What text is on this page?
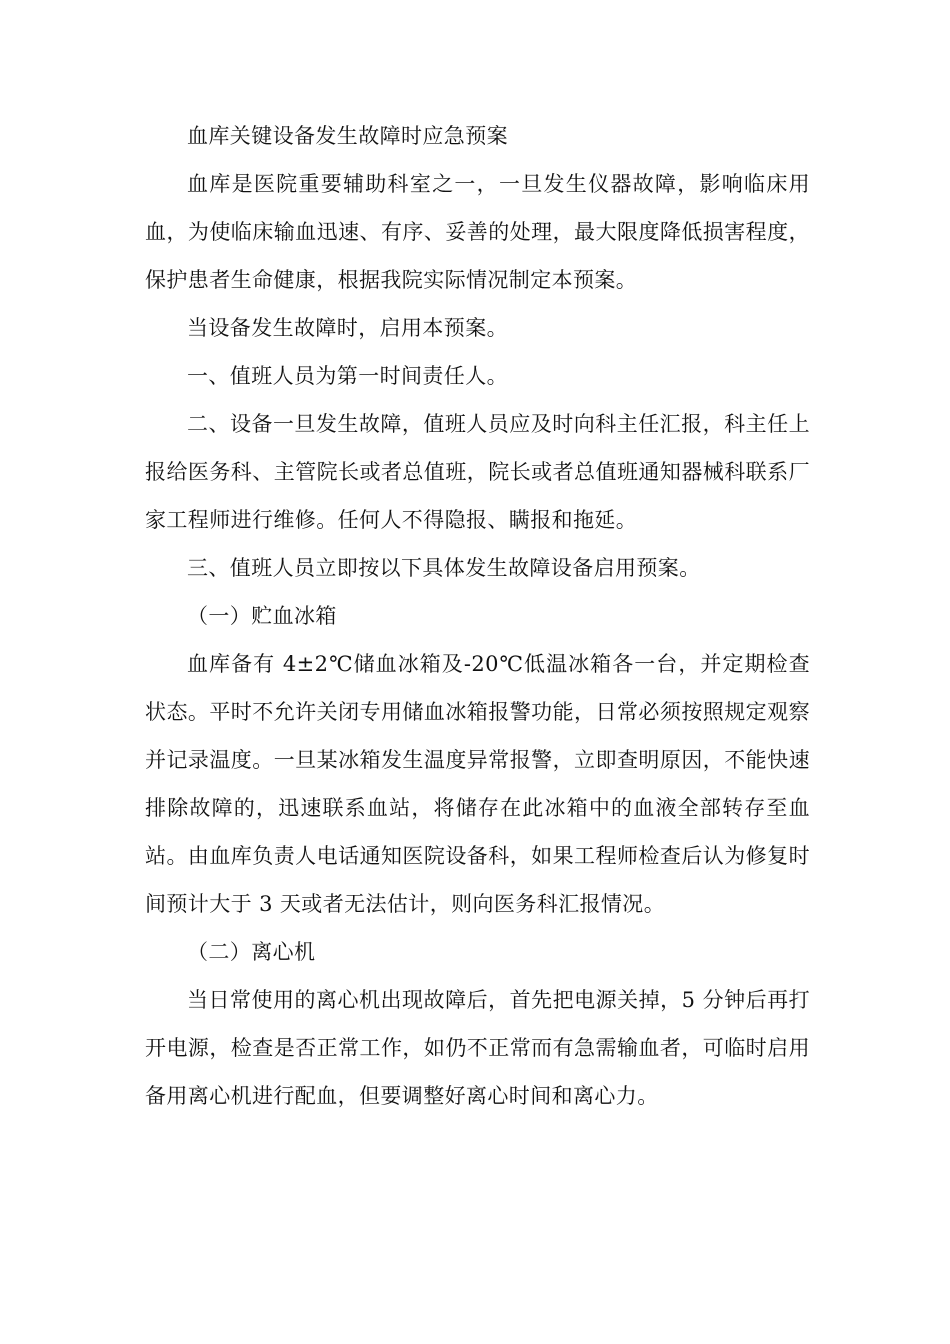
血库关键设备发生故障时应急预案

血库是医院重要辅助科室之一，一旦发生仪器故障，影响临床用血，为使临床输血迅速、有序、妥善的处理，最大限度降低损害程度，保护患者生命健康，根据我院实际情况制定本预案。

当设备发生故障时，启用本预案。

一、值班人员为第一时间责任人。

二、设备一旦发生故障，值班人员应及时向科主任汇报，科主任上报给医务科、主管院长或者总值班，院长或者总值班通知器械科联系厂家工程师进行维修。任何人不得隐报、瞒报和拖延。

三、值班人员立即按以下具体发生故障设备启用预案。

（一）贮血冰箱

血库备有 4±2℃储血冰箱及-20℃低温冰箱各一台，并定期检查状态。平时不允许关闭专用储血冰箱报警功能，日常必须按照规定观察并记录温度。一旦某冰箱发生温度异常报警，立即查明原因，不能快速排除故障的，迅速联系血站，将储存在此冰箱中的血液全部转存至血站。由血库负责人电话通知医院设备科，如果工程师检查后认为修复时间预计大于 3 天或者无法估计，则向医务科汇报情况。

（二）离心机

当日常使用的离心机出现故障后，首先把电源关掉，5 分钟后再打开电源，检查是否正常工作，如仍不正常而有急需输血者，可临时启用备用离心机进行配血，但要调整好离心时间和离心力。
